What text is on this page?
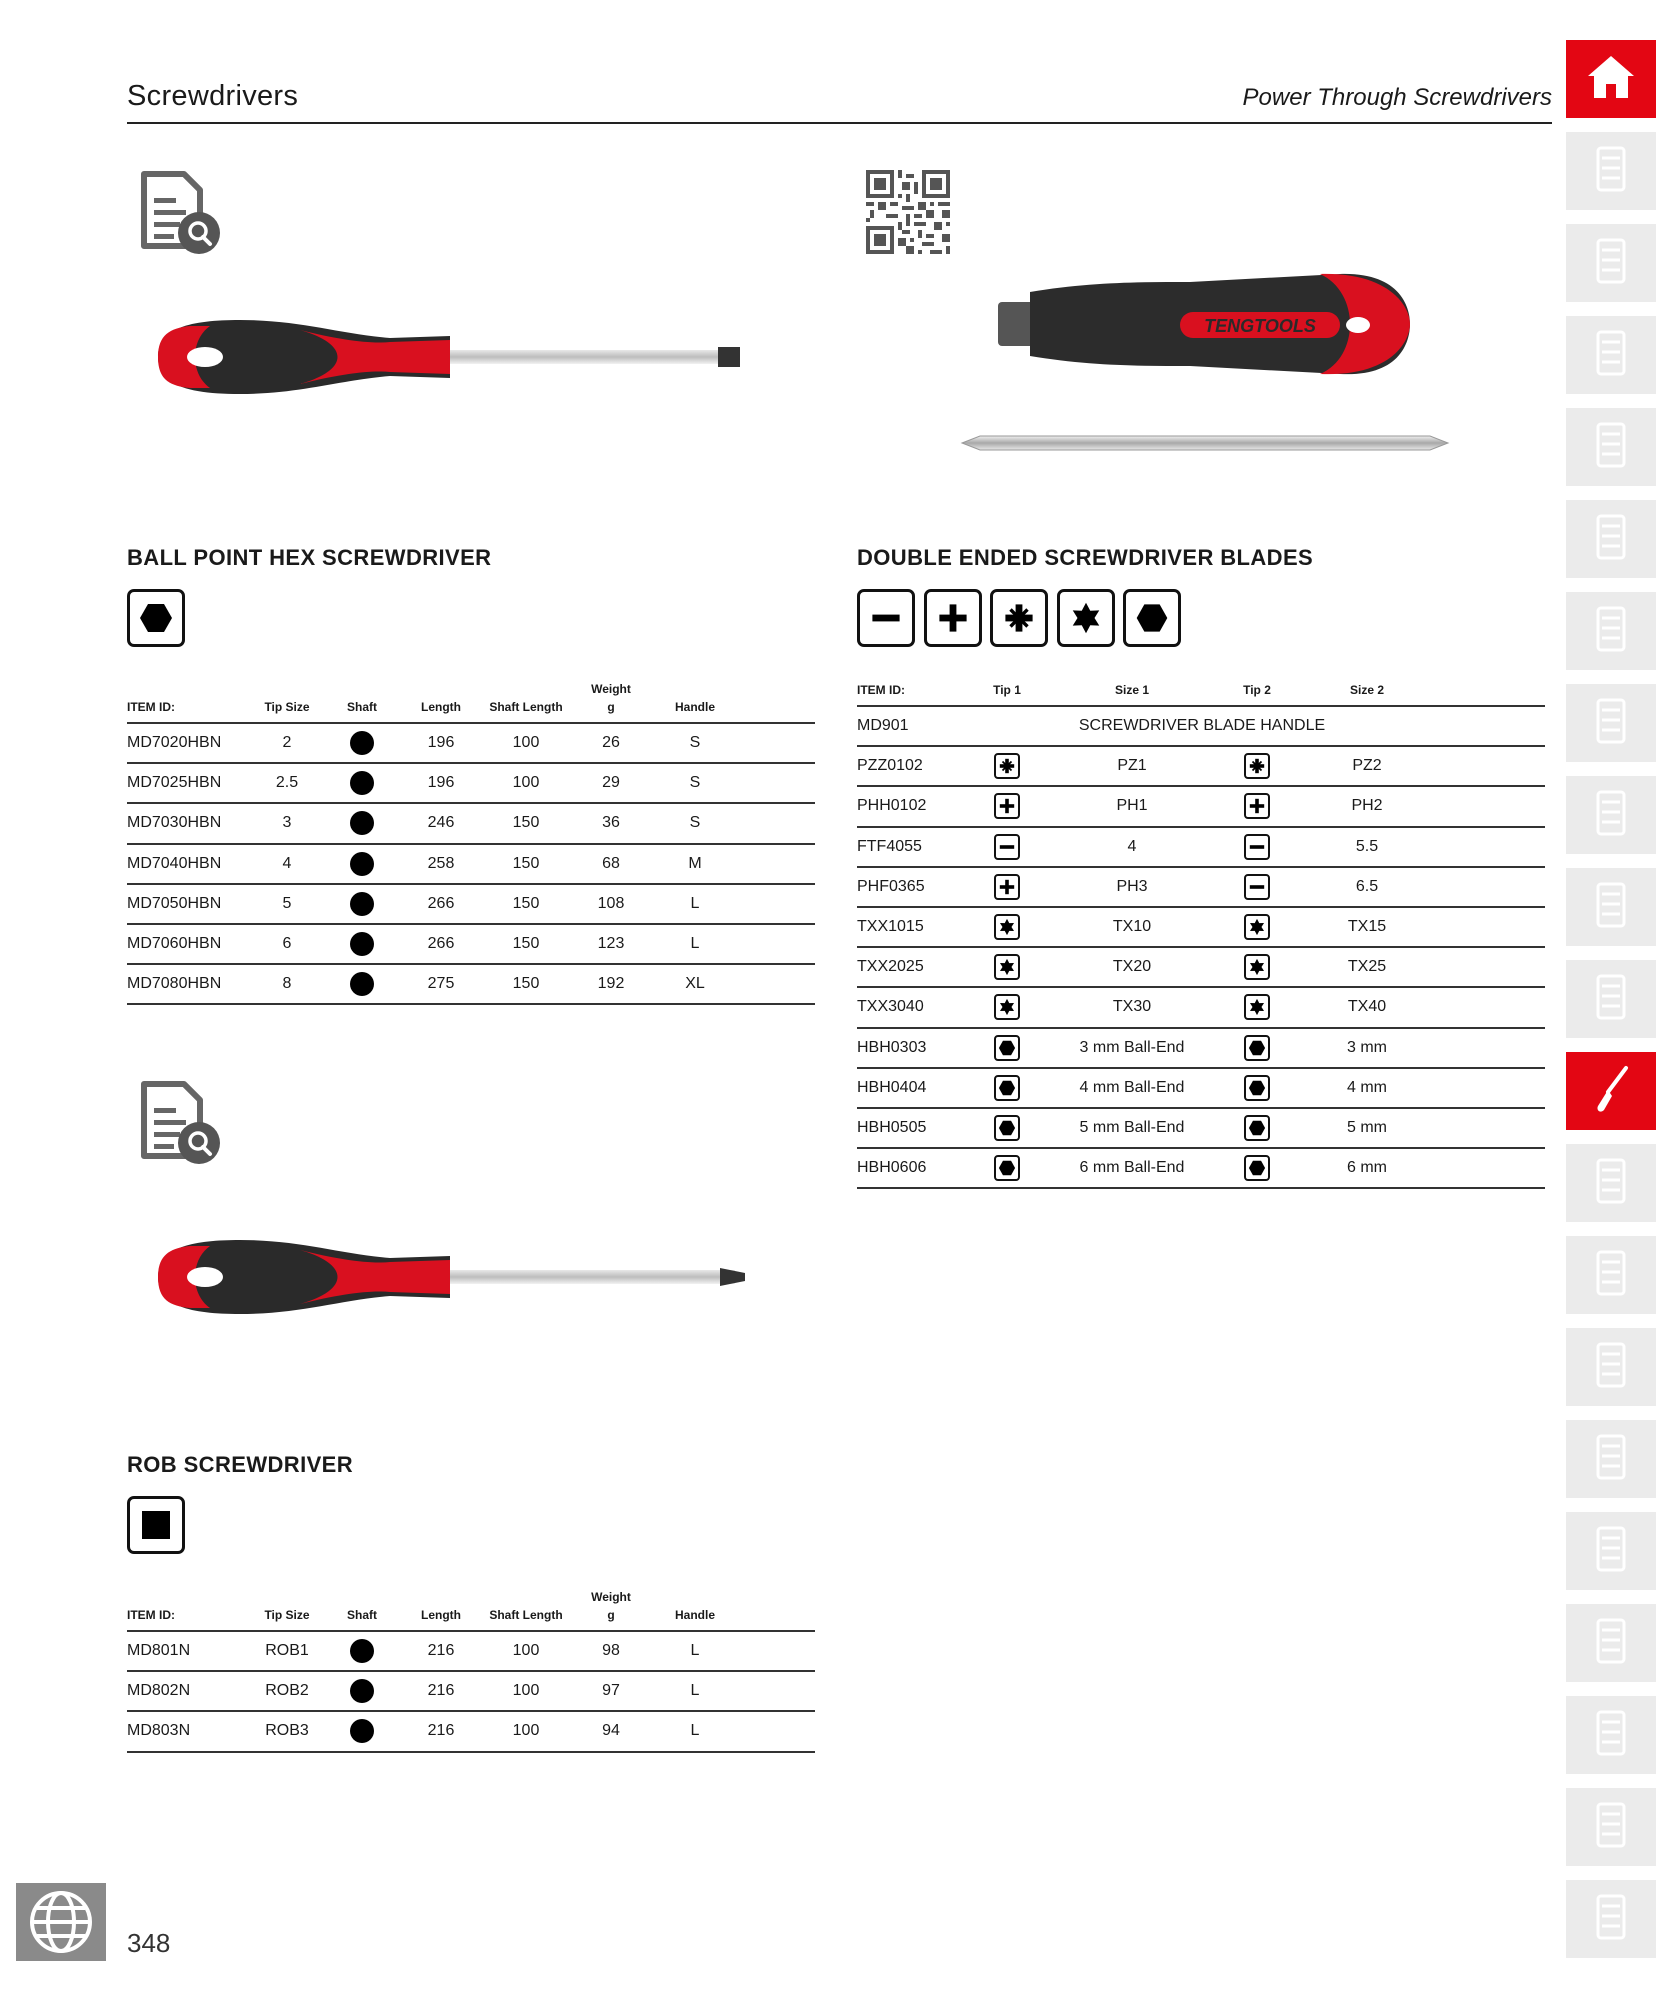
Screwdrivers	Power Through Screwdrivers
TENGTOOLS
BALL POINT HEX SCREWDRIVER
ITEM ID:	Tip Size	Shaft	Length	Shaft Length	Weight
g	Handle	
MD7020HBN	2		196	100	26	S	
MD7025HBN	2.5		196	100	29	S	
MD7030HBN	3		246	150	36	S	
MD7040HBN	4		258	150	68	M	
MD7050HBN	5		266	150	108	L	
MD7060HBN	6		266	150	123	L	
MD7080HBN	8		275	150	192	XL	
ROB SCREWDRIVER
ITEM ID:	Tip Size	Shaft	Length	Shaft Length	Weight
g	Handle	
MD801N	ROB1		216	100	98	L	
MD802N	ROB2		216	100	97	L	
MD803N	ROB3		216	100	94	L	
DOUBLE ENDED SCREWDRIVER BLADES
ITEM ID:	Tip 1	Size 1	Tip 2	Size 2	
MD901	SCREWDRIVER BLADE HANDLE				
PZZ0102		PZ1		PZ2	
PHH0102		PH1		PH2	
FTF4055		4		5.5	
PHF0365		PH3		6.5	
TXX1015		TX10		TX15	
TXX2025		TX20		TX25	
TXX3040		TX30		TX40	
HBH0303		3 mm Ball-End		3 mm	
HBH0404		4 mm Ball-End		4 mm	
HBH0505		5 mm Ball-End		5 mm	
HBH0606		6 mm Ball-End		6 mm	
348
